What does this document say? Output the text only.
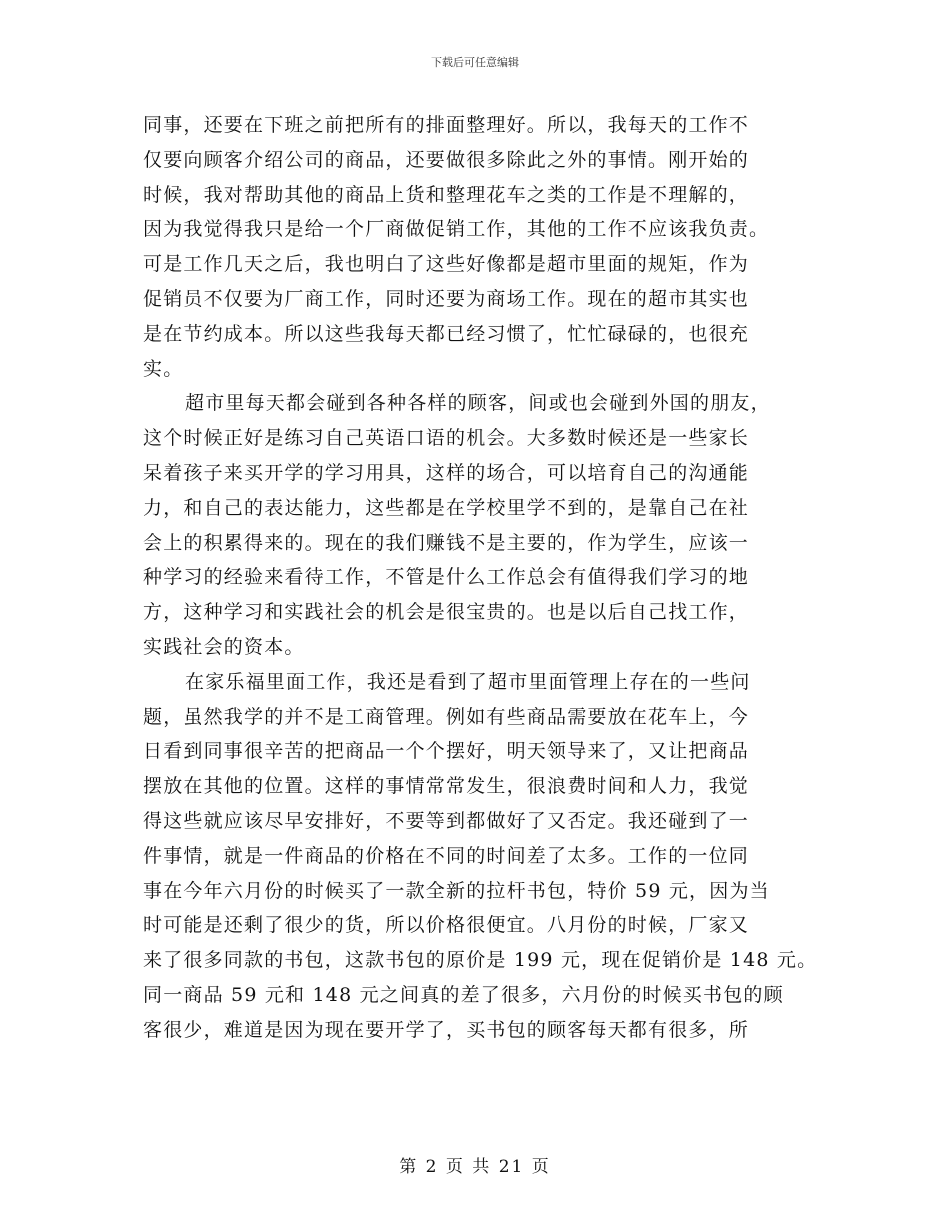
下载后可任意编辑
同事，还要在下班之前把所有的排面整理好。所以，我每天的工作不
仅要向顾客介绍公司的商品，还要做很多除此之外的事情。刚开始的
时候，我对帮助其他的商品上货和整理花车之类的工作是不理解的，
因为我觉得我只是给一个厂商做促销工作，其他的工作不应该我负责。
可是工作几天之后，我也明白了这些好像都是超市里面的规矩，作为
促销员不仅要为厂商工作，同时还要为商场工作。现在的超市其实也
是在节约成本。所以这些我每天都已经习惯了，忙忙碌碌的，也很充
实。
超市里每天都会碰到各种各样的顾客，间或也会碰到外国的朋友，
这个时候正好是练习自己英语口语的机会。大多数时候还是一些家长
呆着孩子来买开学的学习用具，这样的场合，可以培育自己的沟通能
力，和自己的表达能力，这些都是在学校里学不到的，是靠自己在社
会上的积累得来的。现在的我们赚钱不是主要的，作为学生，应该一
种学习的经验来看待工作，不管是什么工作总会有值得我们学习的地
方，这种学习和实践社会的机会是很宝贵的。也是以后自己找工作，
实践社会的资本。
在家乐福里面工作，我还是看到了超市里面管理上存在的一些问
题，虽然我学的并不是工商管理。例如有些商品需要放在花车上，今
日看到同事很辛苦的把商品一个个摆好，明天领导来了，又让把商品
摆放在其他的位置。这样的事情常常发生，很浪费时间和人力，我觉
得这些就应该尽早安排好，不要等到都做好了又否定。我还碰到了一
件事情，就是一件商品的价格在不同的时间差了太多。工作的一位同
事在今年六月份的时候买了一款全新的拉杆书包，特价 59 元，因为当
时可能是还剩了很少的货，所以价格很便宜。八月份的时候，厂家又
来了很多同款的书包，这款书包的原价是 199 元，现在促销价是 148 元。
同一商品 59 元和 148 元之间真的差了很多，六月份的时候买书包的顾
客很少，难道是因为现在要开学了，买书包的顾客每天都有很多，所
第 2 页 共 21 页
